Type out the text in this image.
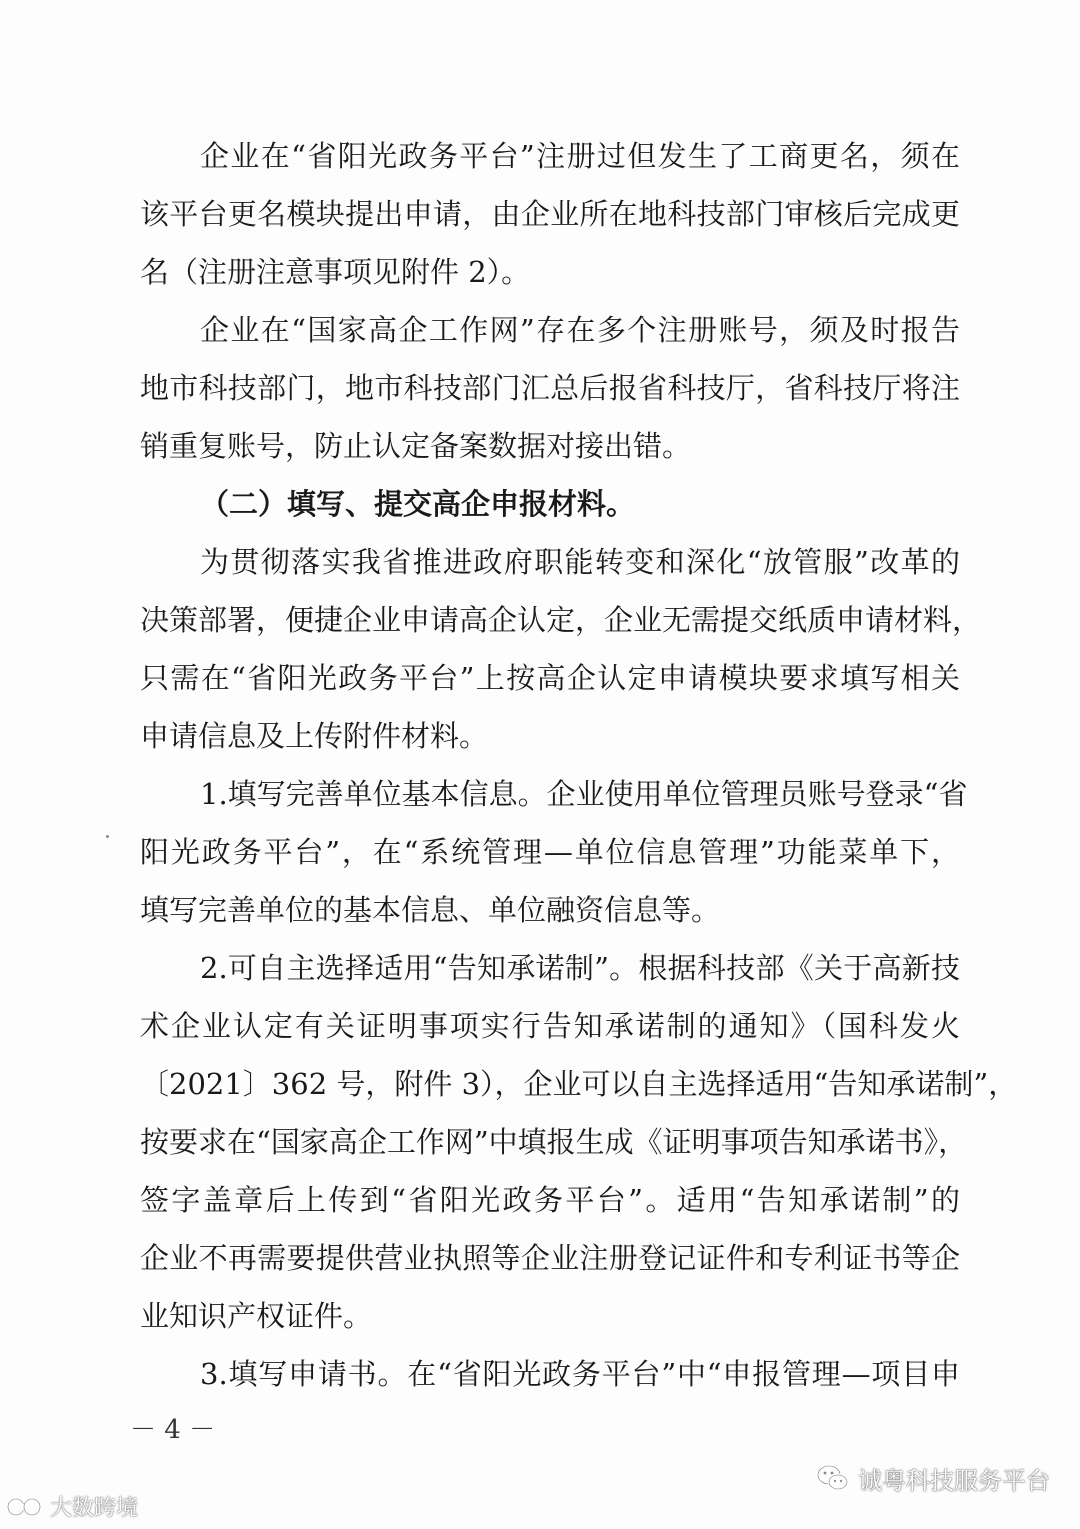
企业在“省阳光政务平台”注册过但发生了工商更名，须在
该平台更名模块提出申请，由企业所在地科技部门审核后完成更
名（注册注意事项见附件 2）。
企业在“国家高企工作网”存在多个注册账号，须及时报告
地市科技部门，地市科技部门汇总后报省科技厅，省科技厅将注
销重复账号，防止认定备案数据对接出错。
（二）填写、提交高企申报材料。
为贯彻落实我省推进政府职能转变和深化“放管服”改革的
决策部署，便捷企业申请高企认定，企业无需提交纸质申请材料，
只需在“省阳光政务平台”上按高企认定申请模块要求填写相关
申请信息及上传附件材料。
1.填写完善单位基本信息。企业使用单位管理员账号登录“省
阳光政务平台”，在“系统管理—单位信息管理”功能菜单下，
填写完善单位的基本信息、单位融资信息等。
2.可自主选择适用“告知承诺制”。根据科技部《关于高新技
术企业认定有关证明事项实行告知承诺制的通知》（国科发火
〔2021〕362 号，附件 3），企业可以自主选择适用“告知承诺制”，
按要求在“国家高企工作网”中填报生成《证明事项告知承诺书》，
签字盖章后上传到“省阳光政务平台”。适用“告知承诺制”的
企业不再需要提供营业执照等企业注册登记证件和专利证书等企
业知识产权证件。
3.填写申请书。在“省阳光政务平台”中“申报管理—项目申
－ 4 －
诚粤科技服务平台
大数跨境
